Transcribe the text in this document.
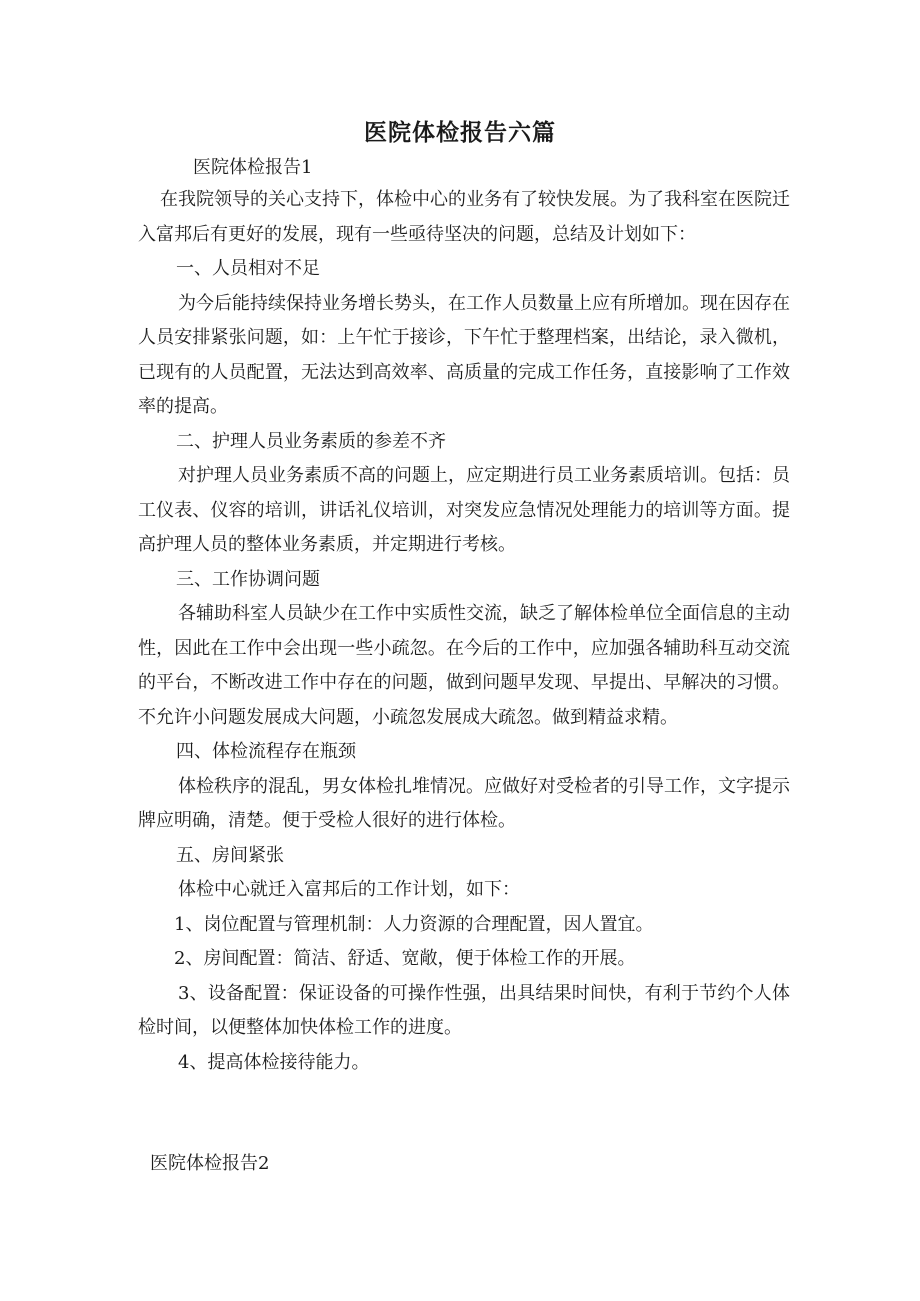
医院体检报告六篇
医院体检报告1

在我院领导的关心支持下，体检中心的业务有了较快发展。为了我科室在医院迁入富邦后有更好的发展，现有一些亟待坚决的问题，总结及计划如下：

一、人员相对不足

为今后能持续保持业务增长势头，在工作人员数量上应有所增加。现在因存在人员安排紧张问题，如：上午忙于接诊，下午忙于整理档案，出结论，录入微机，已现有的人员配置，无法达到高效率、高质量的完成工作任务，直接影响了工作效率的提高。

二、护理人员业务素质的参差不齐

对护理人员业务素质不高的问题上，应定期进行员工业务素质培训。包括：员工仪表、仪容的培训，讲话礼仪培训，对突发应急情况处理能力的培训等方面。提高护理人员的整体业务素质，并定期进行考核。

三、工作协调问题

各辅助科室人员缺少在工作中实质性交流，缺乏了解体检单位全面信息的主动性，因此在工作中会出现一些小疏忽。在今后的工作中，应加强各辅助科互动交流的平台，不断改进工作中存在的问题，做到问题早发现、早提出、早解决的习惯。不允许小问题发展成大问题，小疏忽发展成大疏忽。做到精益求精。

四、体检流程存在瓶颈

体检秩序的混乱，男女体检扎堆情况。应做好对受检者的引导工作，文字提示牌应明确，清楚。便于受检人很好的进行体检。

五、房间紧张

体检中心就迁入富邦后的工作计划，如下：

1、岗位配置与管理机制：人力资源的合理配置，因人置宜。

2、房间配置：简洁、舒适、宽敞，便于体检工作的开展。

3、设备配置：保证设备的可操作性强，出具结果时间快，有利于节约个人体检时间，以便整体加快体检工作的进度。

4、提高体检接待能力。

医院体检报告2
